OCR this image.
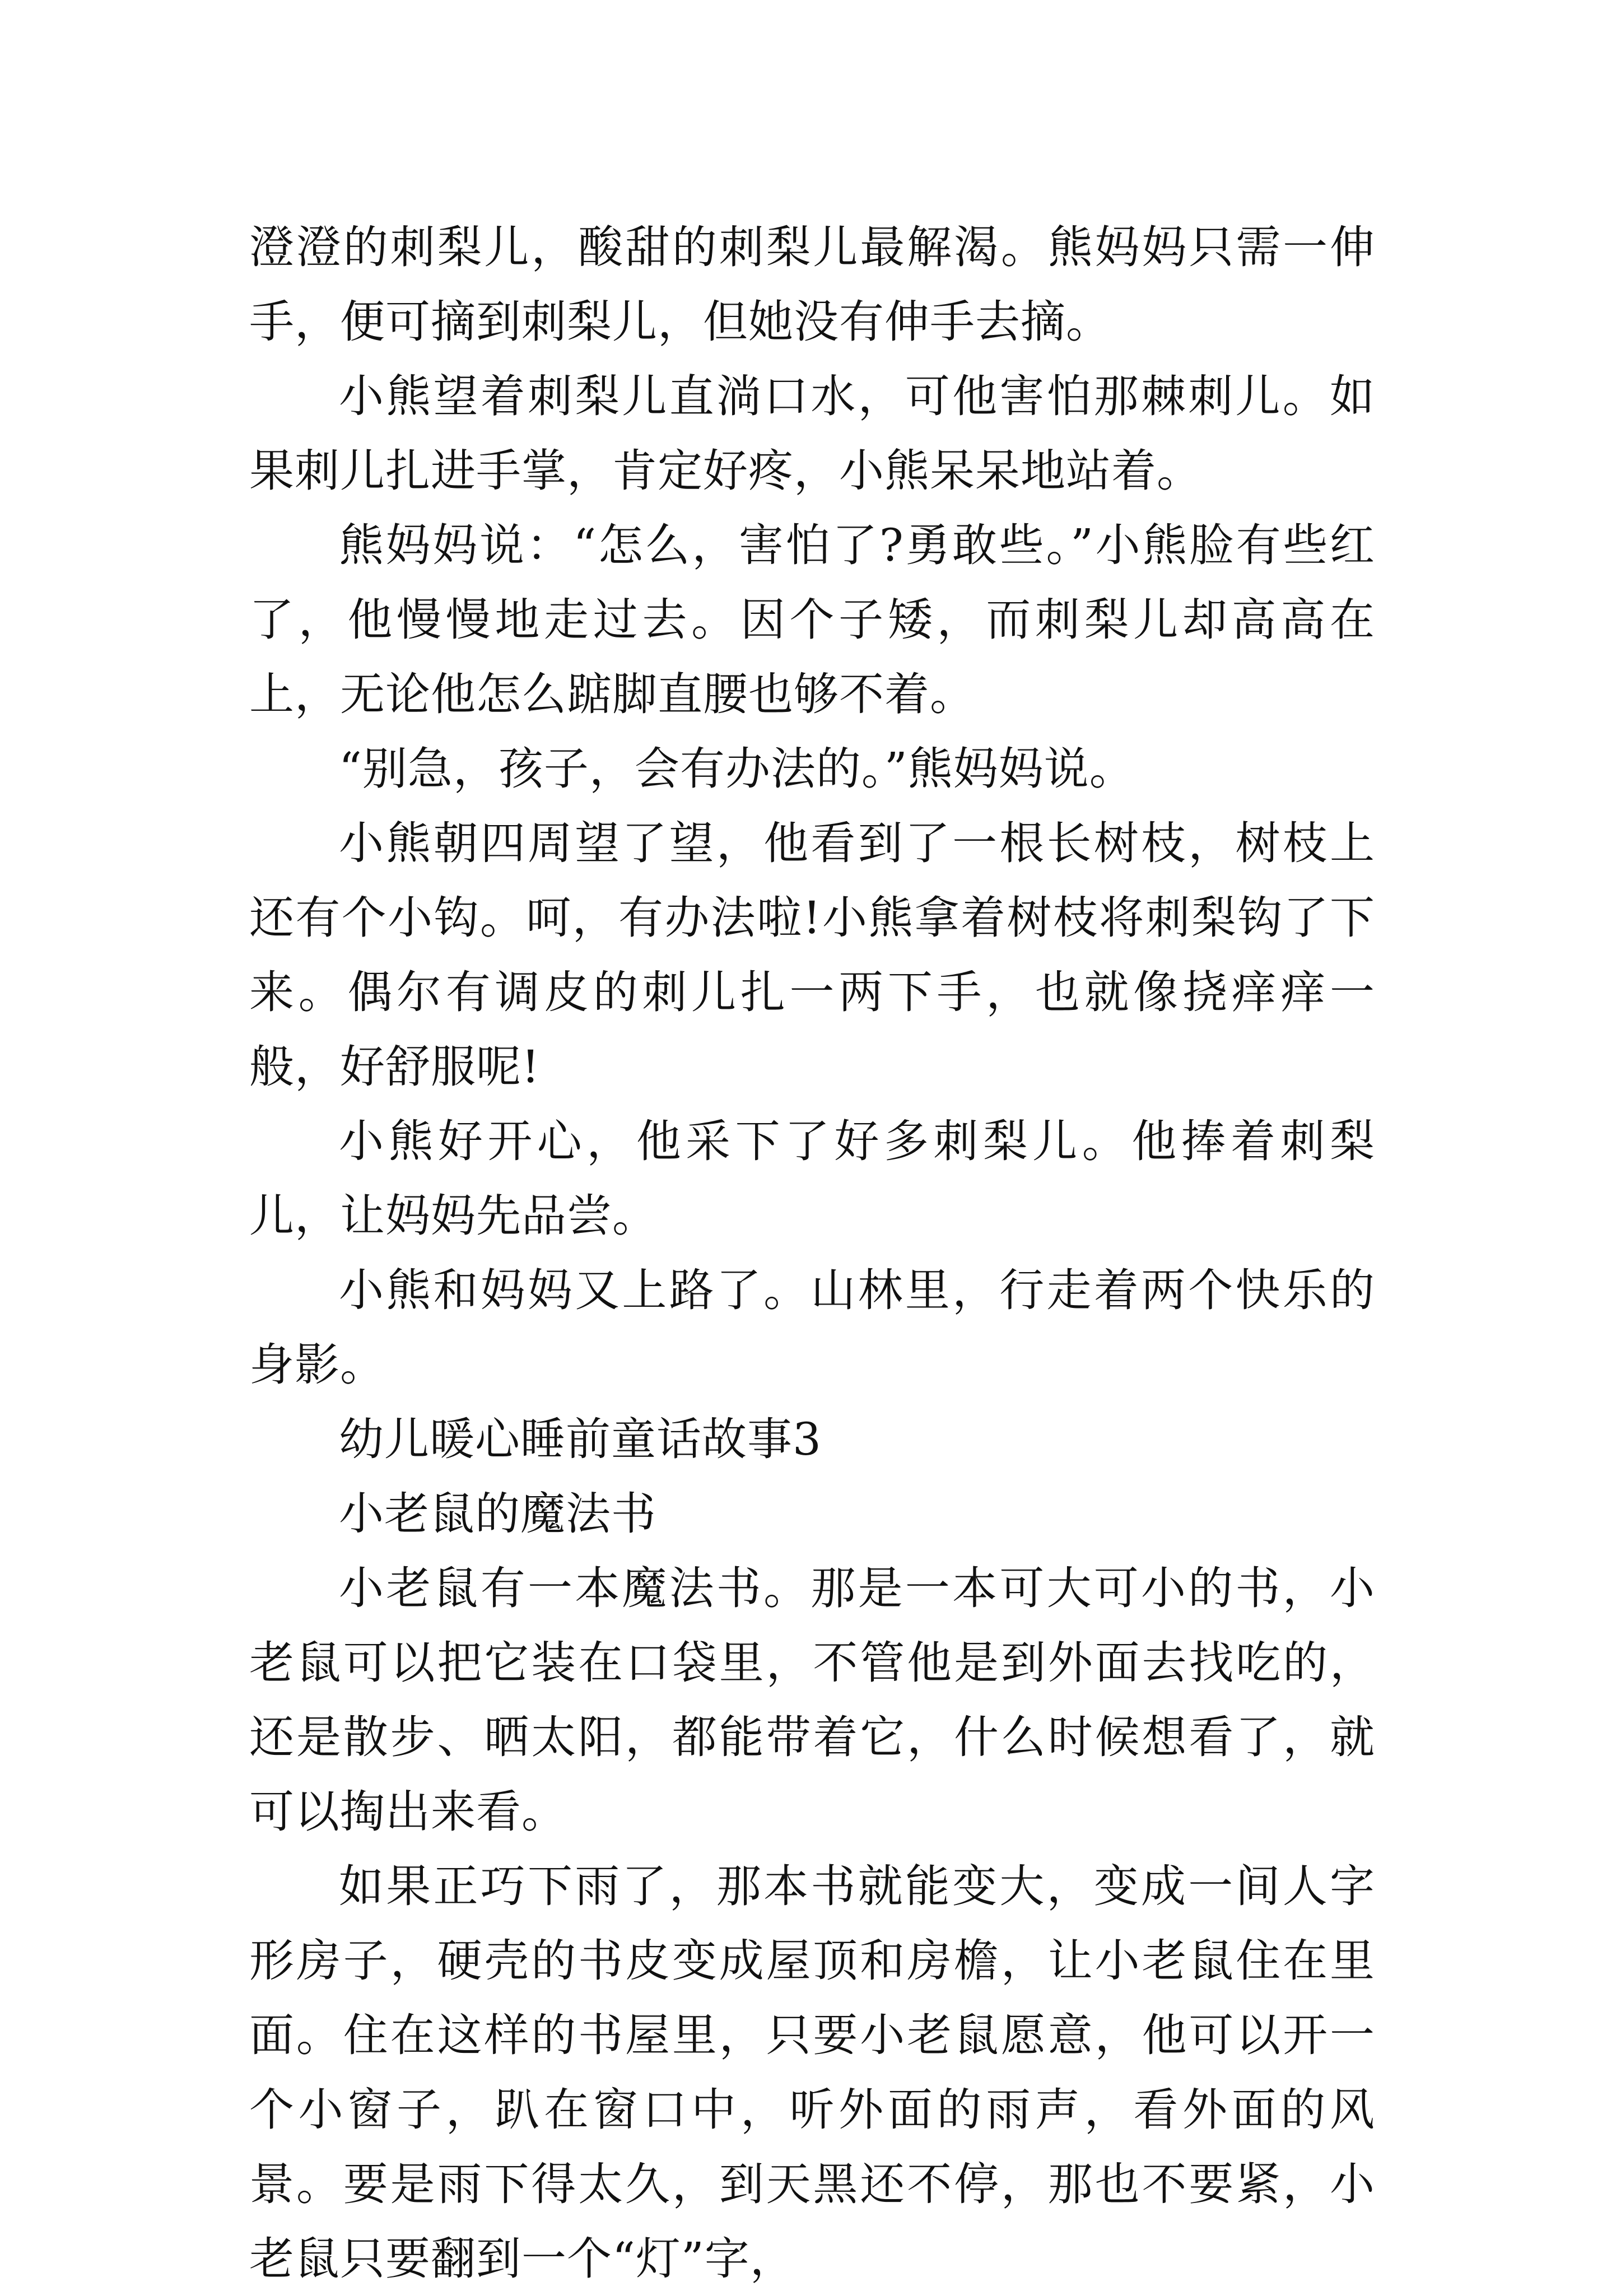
澄澄的刺梨儿，酸甜的刺梨儿最解渴。熊妈妈只需一伸手，便可摘到刺梨儿，但她没有伸手去摘。

小熊望着刺梨儿直淌口水，可他害怕那棘刺儿。如果刺儿扎进手掌，肯定好疼，小熊呆呆地站着。

熊妈妈说：“怎么，害怕了?勇敢些。”小熊脸有些红了，他慢慢地走过去。因个子矮，而刺梨儿却高高在上，无论他怎么踮脚直腰也够不着。

“别急，孩子，会有办法的。”熊妈妈说。

小熊朝四周望了望，他看到了一根长树枝，树枝上还有个小钩。呵，有办法啦!小熊拿着树枝将刺梨钩了下来。偶尔有调皮的刺儿扎一两下手，也就像挠痒痒一般，好舒服呢!

小熊好开心，他采下了好多刺梨儿。他捧着刺梨儿，让妈妈先品尝。

小熊和妈妈又上路了。山林里，行走着两个快乐的身影。

幼儿暖心睡前童话故事3

小老鼠的魔法书

小老鼠有一本魔法书。那是一本可大可小的书，小老鼠可以把它装在口袋里，不管他是到外面去找吃的，还是散步、晒太阳，都能带着它，什么时候想看了，就可以掏出来看。

如果正巧下雨了，那本书就能变大，变成一间人字形房子，硬壳的书皮变成屋顶和房檐，让小老鼠住在里面。住在这样的书屋里，只要小老鼠愿意，他可以开一个小窗子，趴在窗口中，听外面的雨声，看外面的风景。要是雨下得太久，到天黑还不停，那也不要紧，小老鼠只要翻到一个“灯”字，
